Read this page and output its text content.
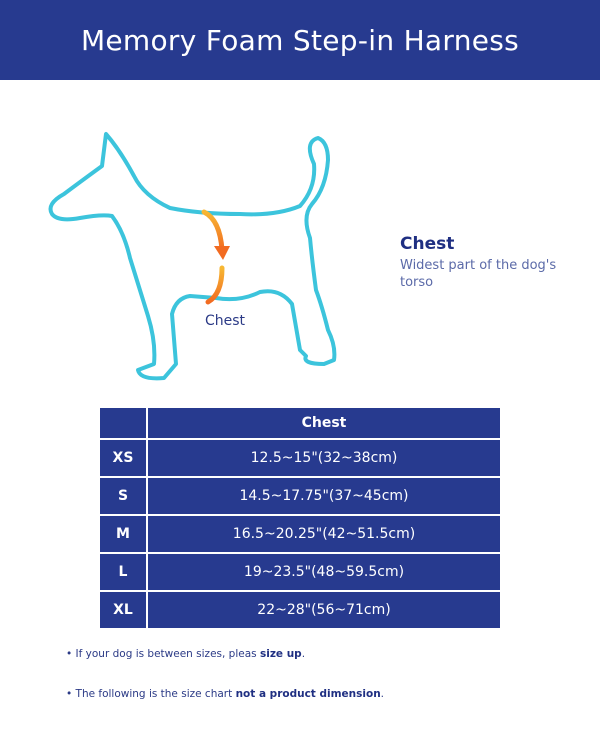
Memory Foam Step-in Harness
Chest
Chest
Widest part of the dog's torso
	Chest
XS	12.5~15"(32~38cm)
S	14.5~17.75"(37~45cm)
M	16.5~20.25"(42~51.5cm)
L	19~23.5"(48~59.5cm)
XL	22~28"(56~71cm)
• If your dog is between sizes, pleas size up.
• The following is the size chart not a product dimension.
